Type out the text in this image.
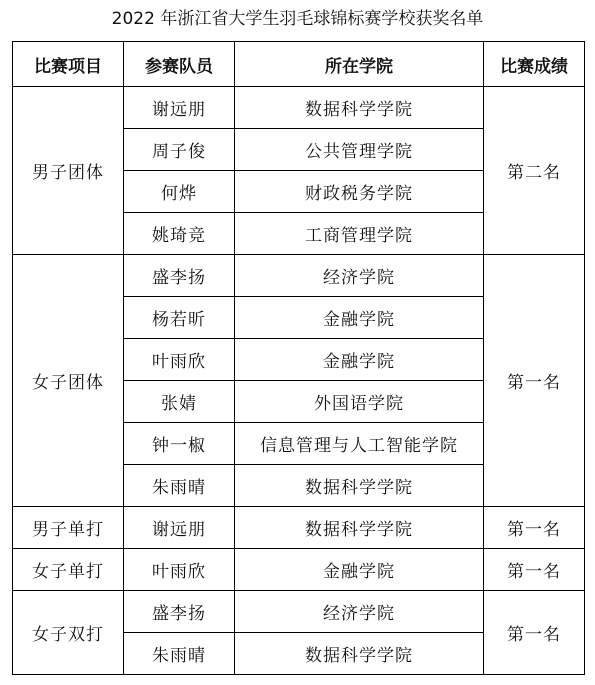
2022 年浙江省大学生羽毛球锦标赛学校获奖名单
比赛项目	参赛队员	所在学院	比赛成绩
男子团体	谢远朋	数据科学学院	第二名
	周子俊	公共管理学院	
	何烨	财政税务学院	
	姚琦竞	工商管理学院	
女子团体	盛李扬	经济学院	第一名
	杨若昕	金融学院	
	叶雨欣	金融学院	
	张婧	外国语学院	
	钟一椒	信息管理与人工智能学院	
	朱雨晴	数据科学学院	
男子单打	谢远朋	数据科学学院	第一名
女子单打	叶雨欣	金融学院	第一名
女子双打	盛李扬	经济学院	第一名
	朱雨晴	数据科学学院	
